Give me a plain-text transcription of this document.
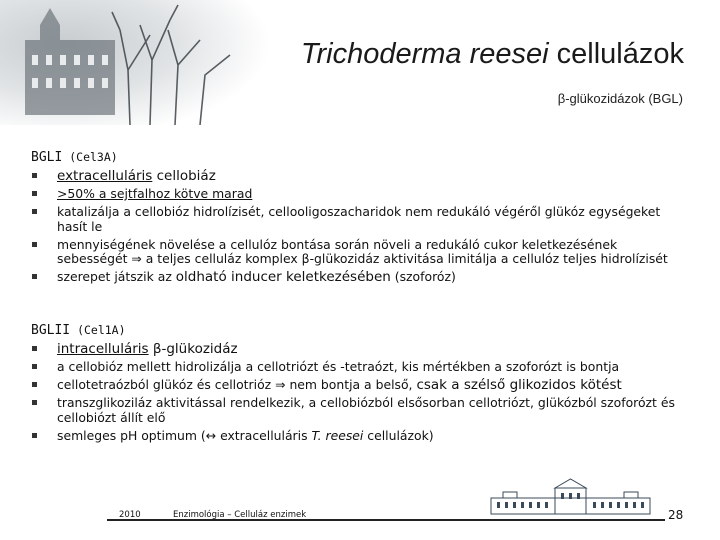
Trichoderma reesei cellulázok
β-glükozidázok (BGL)
BGLI (Cel3A)
extracelluláris cellobiáz
>50% a sejtfalhoz kötve marad
katalizálja a cellobióz hidrolízisét, cellooligoszacharidok nem redukáló végéről glükóz egységeket hasít le
mennyiségének növelése a cellulóz bontása során növeli a redukáló cukor keletkezésének sebességét ⇒ a teljes celluláz komplex β-glükozidáz aktivitása limitálja a cellulóz teljes hidrolízisét
szerepet játszik az oldható inducer keletkezésében (szoforóz)
BGLII (Cel1A)
intracelluláris β-glükozidáz
a cellobióz mellett hidrolizálja a cellotriózt és -tetraózt, kis mértékben a szoforózt is bontja
cellotetraózból glükóz és cellotrióz ⇒ nem bontja a belső, csak a szélső glikozidos kötést
transzglikoziláz aktivitással rendelkezik, a cellobiózból elsősorban cellotriózt, glükózból szoforózt és cellobiózt állít elő
semleges pH optimum (↔ extracelluláris T. reesei cellulázok)
2010	Enzimológia – Celluláz enzimek	28
